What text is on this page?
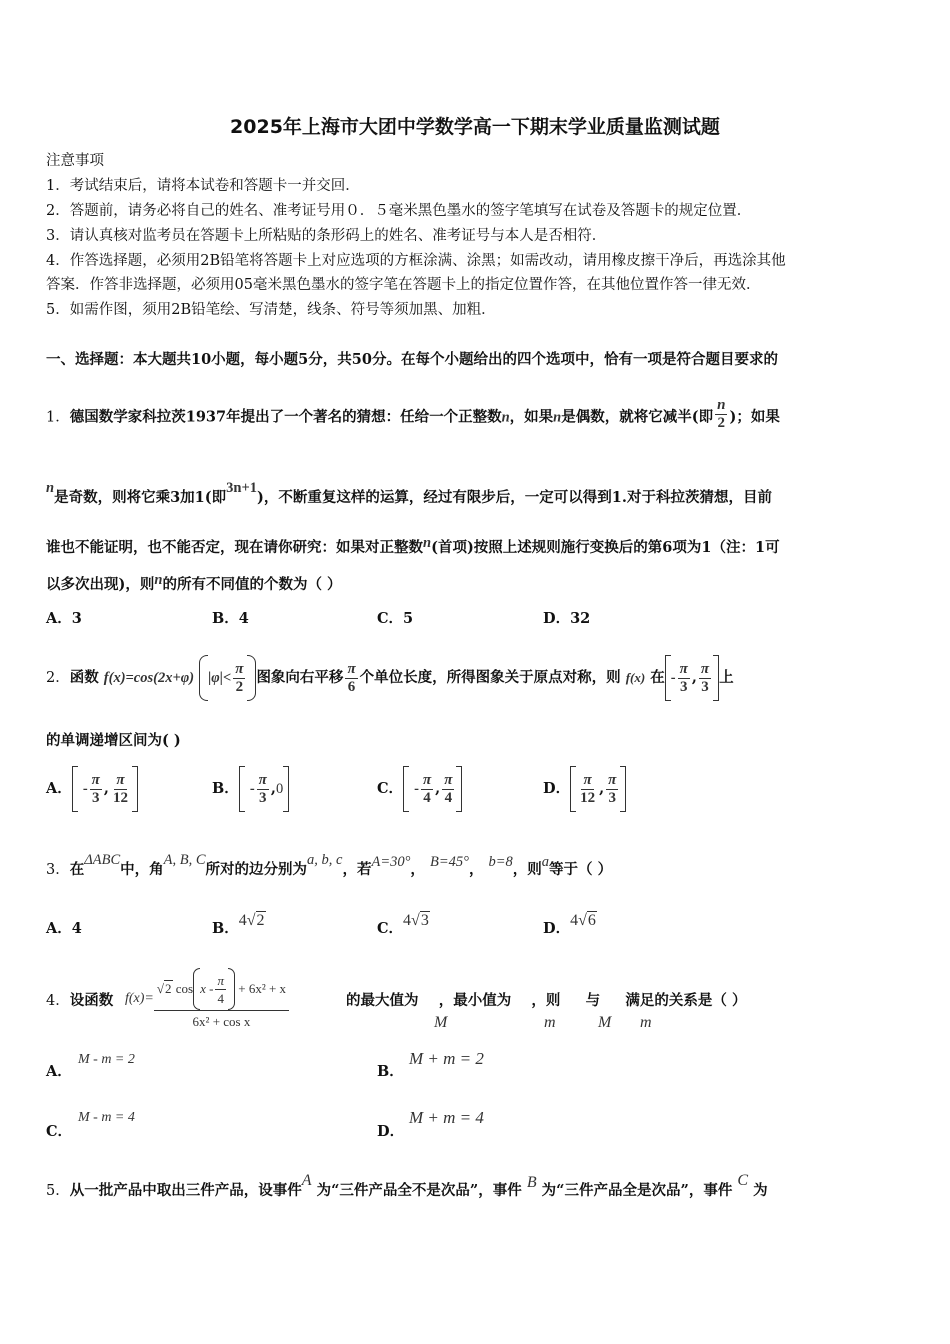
2025年上海市大团中学数学高一下期末学业质量监测试题
注意事项
1．考试结束后，请将本试卷和答题卡一并交回．
2．答题前，请务必将自己的姓名、准考证号用０．５毫米黑色墨水的签字笔填写在试卷及答题卡的规定位置．
3．请认真核对监考员在答题卡上所粘贴的条形码上的姓名、准考证号与本人是否相符．
4．作答选择题，必须用2B铅笔将答题卡上对应选项的方框涂满、涂黑；如需改动，请用橡皮擦干净后，再选涂其他
答案．作答非选择题，必须用05毫米黑色墨水的签字笔在答题卡上的指定位置作答，在其他位置作答一律无效．
5．如需作图，须用2B铅笔绘、写清楚，线条、符号等须加黑、加粗．
一、选择题：本大题共10小题，每小题5分，共50分。在每个小题给出的四个选项中，恰有一项是符合题目要求的
1．德国数学家科拉茨1937年提出了一个著名的猜想：任给一个正整数n，如果n是偶数，就将它减半(即 $\frac{n}{2}$ )；如果
n是奇数，则将它乘3加1(即3n+1)，不断重复这样的运算，经过有限步后，一定可以得到1.对于科拉茨猜想，目前
谁也不能证明，也不能否定，现在请你研究：如果对正整数n(首项)按照上述规则施行变换后的第6项为1（注：1可
以多次出现)，则n的所有不同值的个数为（ ）
A．3	B．4	C．5	D．32
2．函数 f(x)=cos(2x+φ) $|\varphi|< \frac{\pi}{2}$ 图象向右平移 $\frac{\pi}{6}$ 个单位长度，所得图象关于原点对称，则 f(x) 在 - $\frac{\pi}{3}$ , $\frac{\pi}{3}$ 上
的单调递增区间为( )
A． - $\frac{\pi}{3}$ , $\frac{\pi}{12}$	B． - $\frac{\pi}{3} ,0$	C． - $\frac{\pi}{4}$ , $\frac{\pi}{4}$	D． $\frac{\pi}{12}$ , $\frac{\pi}{3}$
3．在ΔABC中，角A, B, C所对的边分别为a, b, c，若A=30°， B=45°， b=8，则a等于（ ）
A．4	B．4√2	C．4√3	D．4√6
4．设函数 f(x)= √2
cos x - $\frac{\pi}{4}$
+ 6x² + x
6x² + cos x	的最大值为 ，最小值为 ，则 与 满足的关系是（ ）
M	m	M m
A．
M - m = 2
B．
M + m = 2
C．
M - m = 4
D．
M + m = 4
5．从一批产品中取出三件产品，设事件A 为“三件产品全不是次品”，事件 B 为“三件产品全是次品”，事件 C 为
